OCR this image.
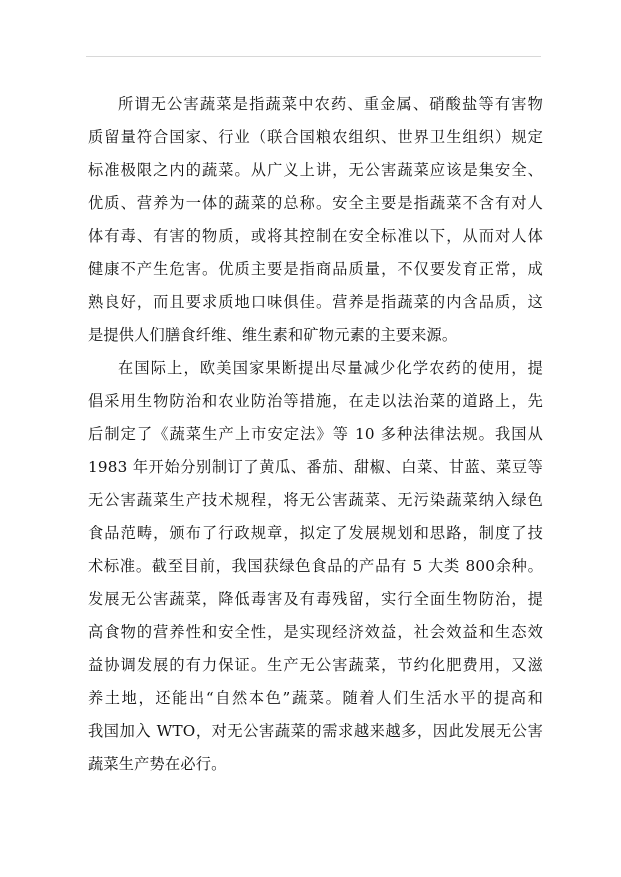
所谓无公害蔬菜是指蔬菜中农药、重金属、硝酸盐等有害物
质留量符合国家、行业（联合国粮农组织、世界卫生组织）规定
标准极限之内的蔬菜。从广义上讲，无公害蔬菜应该是集安全、
优质、营养为一体的蔬菜的总称。安全主要是指蔬菜不含有对人
体有毒、有害的物质，或将其控制在安全标准以下，从而对人体
健康不产生危害。优质主要是指商品质量，不仅要发育正常，成
熟良好，而且要求质地口味俱佳。营养是指蔬菜的内含品质，这
是提供人们膳食纤维、维生素和矿物元素的主要来源。
在国际上，欧美国家果断提出尽量减少化学农药的使用，提
倡采用生物防治和农业防治等措施，在走以法治菜的道路上，先
后制定了《蔬菜生产上市安定法》等 10 多种法律法规。我国从
1983 年开始分别制订了黄瓜、番茄、甜椒、白菜、甘蓝、菜豆等
无公害蔬菜生产技术规程，将无公害蔬菜、无污染蔬菜纳入绿色
食品范畴，颁布了行政规章，拟定了发展规划和思路，制度了技
术标准。截至目前，我国获绿色食品的产品有 5 大类 800余种。
发展无公害蔬菜，降低毒害及有毒残留，实行全面生物防治，提
高食物的营养性和安全性，是实现经济效益，社会效益和生态效
益协调发展的有力保证。生产无公害蔬菜，节约化肥费用，又滋
养土地，还能出“自然本色”蔬菜。随着人们生活水平的提高和
我国加入 WTO，对无公害蔬菜的需求越来越多，因此发展无公害
蔬菜生产势在必行。
